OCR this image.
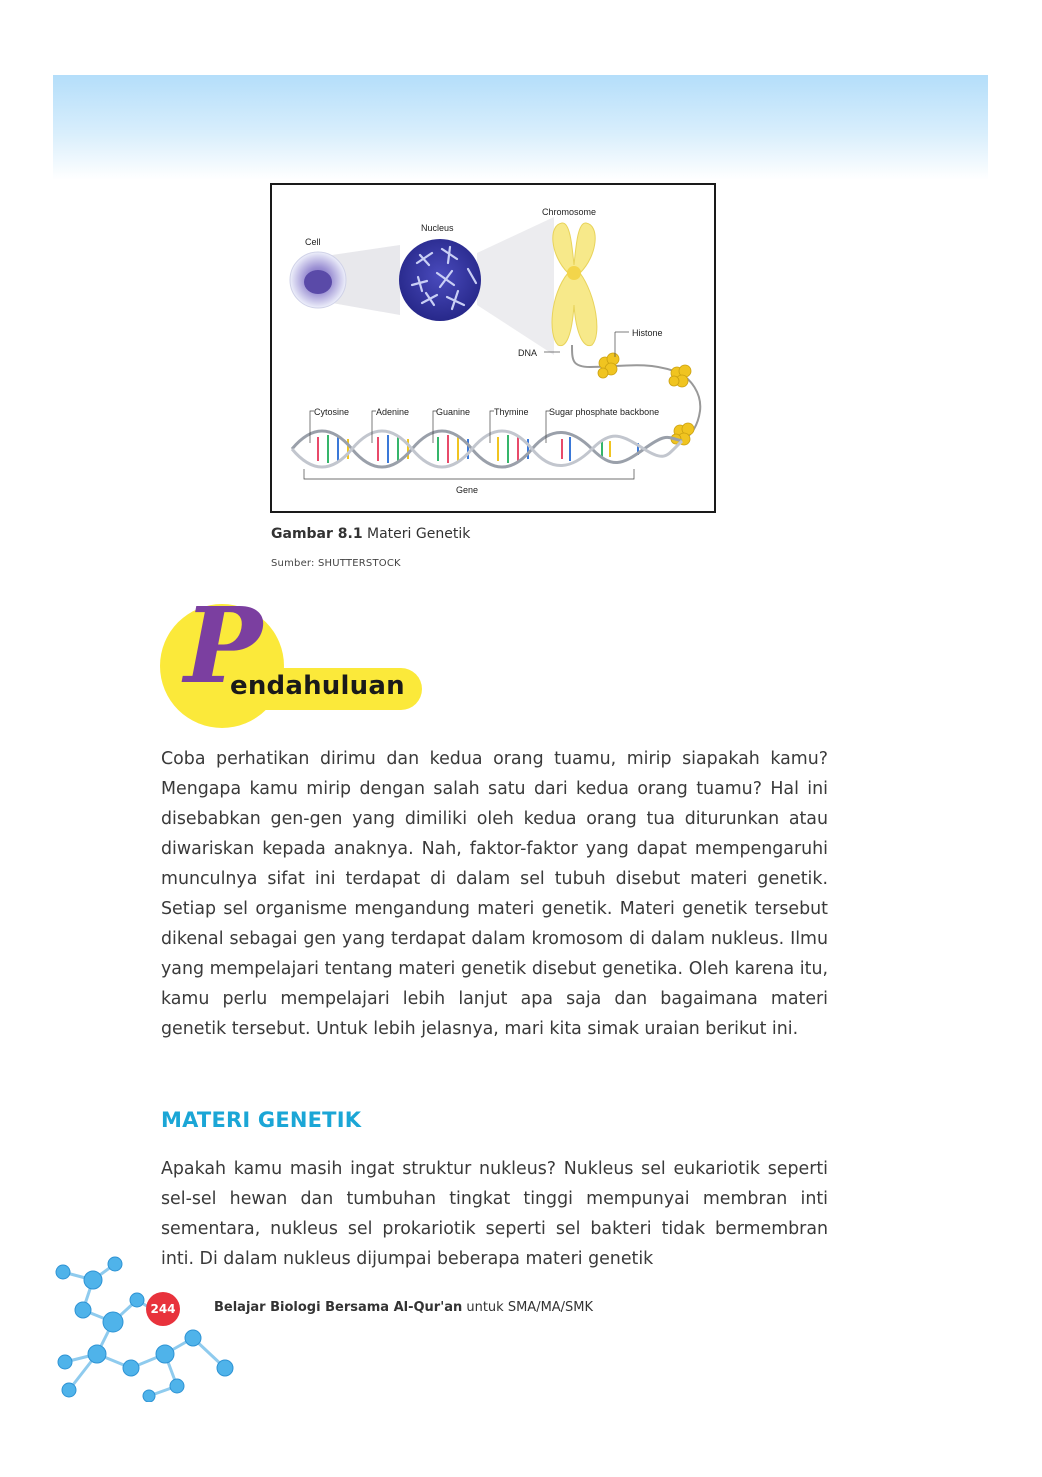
Cell
Nucleus
Chromosome
Histone
DNA
Cytosine	Adenine	Guanine	Thymine Sugar phosphate backbone
Gene
Gambar 8.1 Materi Genetik
Sumber: SHUTTERSTOCK
P
endahuluan

Coba perhatikan dirimu dan kedua orang tuamu, mirip siapakah kamu? Mengapa kamu mirip dengan salah satu dari kedua orang tuamu? Hal ini disebabkan gen-gen yang dimiliki oleh kedua orang tua diturunkan atau diwariskan kepada anaknya. Nah, faktor-faktor yang dapat mempengaruhi munculnya sifat ini terdapat di dalam sel tubuh disebut materi genetik. Setiap sel organisme mengandung materi genetik. Materi genetik tersebut dikenal sebagai gen yang terdapat dalam kromosom di dalam nukleus. Ilmu yang mempelajari tentang materi genetik disebut genetika. Oleh karena itu, kamu perlu mempelajari lebih lanjut apa saja dan bagaimana materi genetik tersebut. Untuk lebih jelasnya, mari kita simak uraian berikut ini.

MATERI GENETIK

Apakah kamu masih ingat struktur nukleus? Nukleus sel eukariotik seperti sel-sel hewan dan tumbuhan tingkat tinggi mempunyai membran inti sementara, nukleus sel prokariotik seperti sel bakteri tidak bermembran inti. Di dalam nukleus dijumpai beberapa materi genetik

244	Belajar Biologi Bersama Al-Qur'an untuk SMA/MA/SMK
